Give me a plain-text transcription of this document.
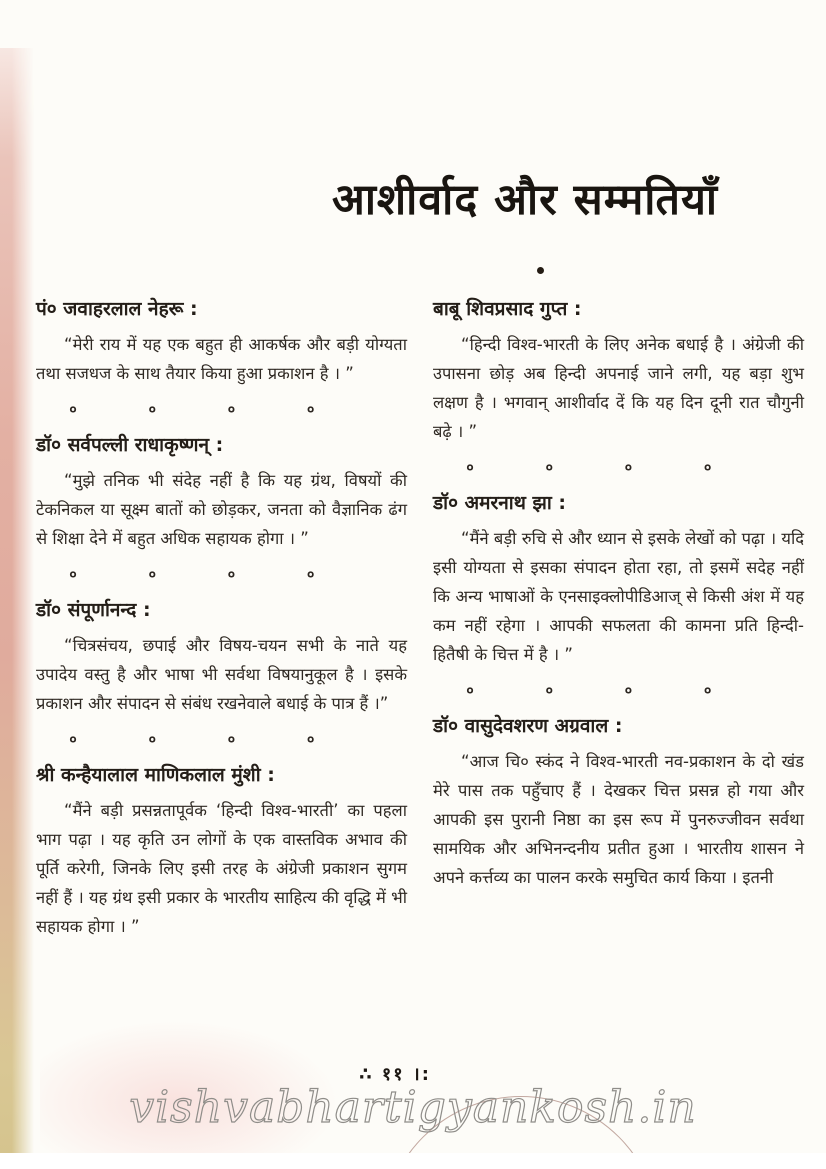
आशीर्वाद और सम्मतियाँ
पं० जवाहरलाल नेहरू :

“मेरी राय में यह एक बहुत ही आकर्षक और बड़ी योग्यता तथा सजधज के साथ तैयार किया हुआ प्रकाशन है । ”

०	०	०	०
डॉ० सर्वपल्ली राधाकृष्णन् :

“मुझे तनिक भी संदेह नहीं है कि यह ग्रंथ, विषयों की टेकनिकल या सूक्ष्म बातों को छोड़कर, जनता को वैज्ञानिक ढंग से शिक्षा देने में बहुत अधिक सहायक होगा । ”

०	०	०	०
डॉ० संपूर्णानन्द :

“चित्रसंचय, छपाई और विषय-चयन सभी के नाते यह उपादेय वस्तु है और भाषा भी सर्वथा विषयानुकूल है । इसके प्रकाशन और संपादन से संबंध रखनेवाले बधाई के पात्र हैं ।”

०	०	०	०
श्री कन्हैयालाल माणिकलाल मुंशी :

“मैंने बड़ी प्रसन्नतापूर्वक ‘हिन्दी विश्व-भारती’ का पहला भाग पढ़ा । यह कृति उन लोगों के एक वास्तविक अभाव की पूर्ति करेगी, जिनके लिए इसी तरह के अंग्रेजी प्रकाशन सुगम नहीं हैं । यह ग्रंथ इसी प्रकार के भारतीय साहित्य की वृद्धि में भी सहायक होगा । ”

बाबू शिवप्रसाद गुप्त :

“हिन्दी विश्व-भारती के लिए अनेक बधाई है । अंग्रेजी की उपासना छोड़ अब हिन्दी अपनाई जाने लगी, यह बड़ा शुभ लक्षण है । भगवान् आशीर्वाद दें कि यह दिन दूनी रात चौगुनी बढ़े । ”

०	०	०	०
डॉ० अमरनाथ झा :

“मैंने बड़ी रुचि से और ध्यान से इसके लेखों को पढ़ा । यदि इसी योग्यता से इसका संपादन होता रहा, तो इसमें सदेह नहीं कि अन्य भाषाओं के एनसाइक्लोपीडिआज् से किसी अंश में यह कम नहीं रहेगा । आपकी सफलता की कामना प्रति हिन्दी-हितैषी के चित्त में है । ”

०	०	०	०
डॉ० वासुदेवशरण अग्रवाल :

“आज चि० स्कंद ने विश्व-भारती नव-प्रकाशन के दो खंड मेरे पास तक पहुँचाए हैं । देखकर चित्त प्रसन्न हो गया और आपकी इस पुरानी निष्ठा का इस रूप में पुनरुज्जीवन सर्वथा सामयिक और अभिनन्दनीय प्रतीत हुआ । भारतीय शासन ने अपने कर्त्तव्य का पालन करके समुचित कार्य किया । इतनी

∴ ११ ।:
vishvabhartigyankosh.in
